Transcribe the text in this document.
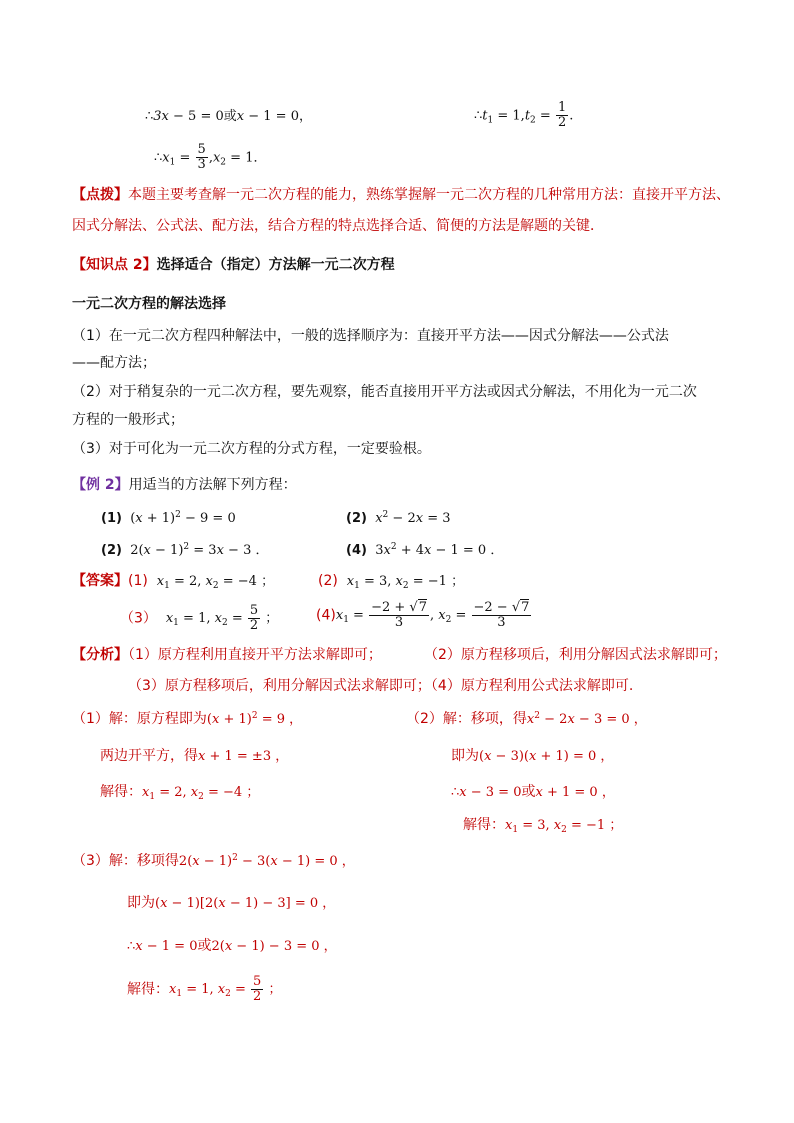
∴3x − 5 = 0或x − 1 = 0，	$\therefore t_1 = 1,t_2 = \frac{1}{2}$ .
$\therefore x_1 = \frac{5}{3} ,x_2 = 1$．
【点拨】本题主要考查解一元二次方程的能力，熟练掌握解一元二次方程的几种常用方法：直接开平方法、
因式分解法、公式法、配方法，结合方程的特点选择合适、简便的方法是解题的关键．
【知识点 2】选择适合（指定）方法解一元二次方程
一元二次方程的解法选择
（1）在一元二次方程四种解法中，一般的选择顺序为：直接开平方法——因式分解法——公式法
——配方法；
（2）对于稍复杂的一元二次方程，要先观察，能否直接用开平方法或因式分解法，不用化为一元二次
方程的一般形式；
（3）对于可化为一元二次方程的分式方程，一定要验根。
【例 2】用适当的方法解下列方程：
(1)  $(x + 1)^2 - 9 = 0$	(2) $x^2 - 2x = 3$
(2)  $2(x - 1)^2 = 3x - 3$ ．	(4)  $3x^2 + 4x - 1 = 0$ ．
【答案】(1) $x_1 = 2$, $x_2 = -4$ ；	(2) $x_1 = 3$, $x_2 = -1$ ；
（3） $x_1 = 1$, $x_2 = \frac{5}{2}$ ；	$(4)x_1 = \frac{-2 + √7}{3}$ , $x_2 = \frac{-2 - √7}{3}$
【分析】（1）原方程利用直接开平方法求解即可；	（2）原方程移项后，利用分解因式法求解即可；
（3）原方程移项后，利用分解因式法求解即可；（4）原方程利用公式法求解即可.
（1）解：原方程即为$(x + 1)^2 = 9$ ，
两边开平方，得x + 1 = ±3 ，
解得：$x_1 = 2$, $x_2 = -4$ ；
（2）解：移项，得$x^2 - 2x - 3 = 0$ ，
即为(x − 3)(x + 1) = 0 ，
∴x − 3 = 0或x + 1 = 0 ，
解得：$x_1 = 3$, $x_2 = -1$ ；
（3）解：移项得$2(x - 1)^2 - 3(x - 1) = 0$ ，
即为(x − 1)[2(x − 1) − 3] = 0 ，
∴x − 1 = 0或2(x − 1) − 3 = 0 ，
解得：$x_1 = 1$, $x_2 = \frac{5}{2}$ ；
